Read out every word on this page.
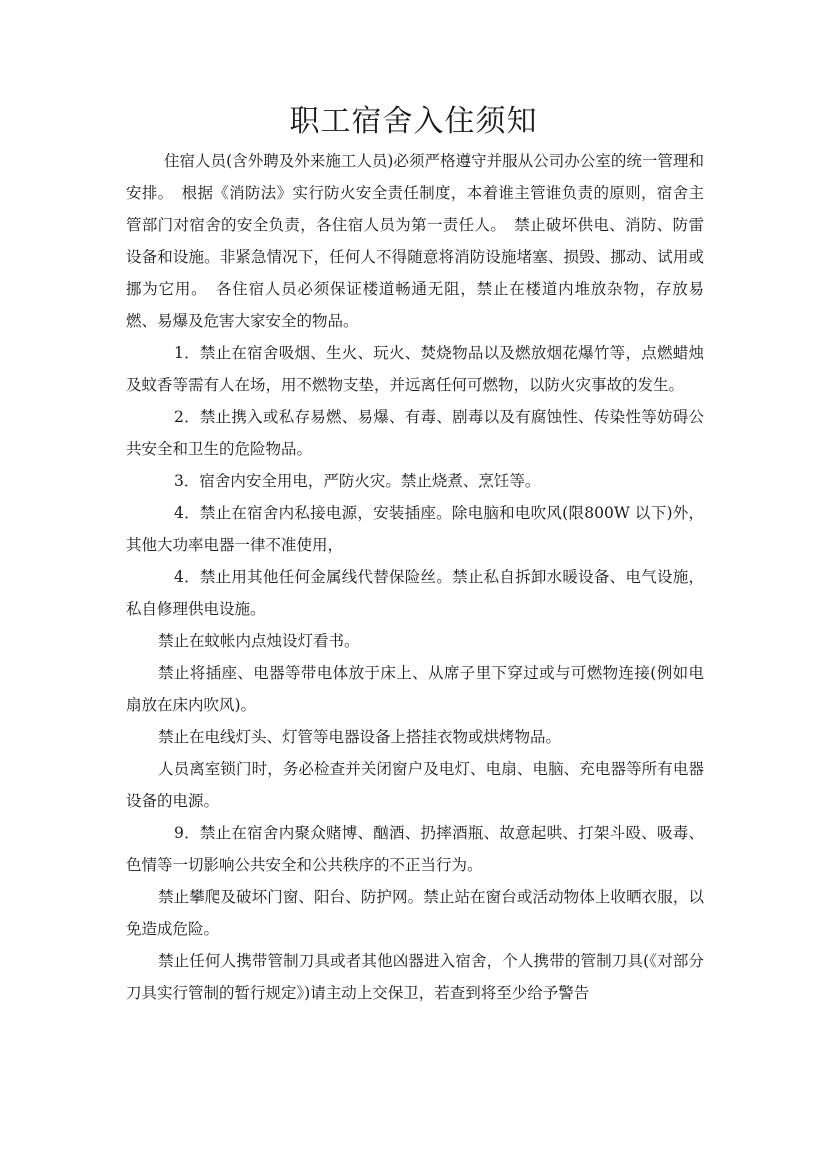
职工宿舍入住须知

住宿人员(含外聘及外来施工人员)必须严格遵守并服从公司办公室的统一管理和安排。　根据《消防法》实行防火安全责任制度，本着谁主管谁负责的原则，宿舍主管部门对宿舍的安全负责，各住宿人员为第一责任人。　禁止破坏供电、消防、防雷设备和设施。非紧急情况下，任何人不得随意将消防设施堵塞、损毁、挪动、试用或挪为它用。　各住宿人员必须保证楼道畅通无阻，禁止在楼道内堆放杂物，存放易燃、易爆及危害大家安全的物品。

1．禁止在宿舍吸烟、生火、玩火、焚烧物品以及燃放烟花爆竹等，点燃蜡烛及蚊香等需有人在场，用不燃物支垫，并远离任何可燃物，以防火灾事故的发生。

2．禁止携入或私存易燃、易爆、有毒、剧毒以及有腐蚀性、传染性等妨碍公共安全和卫生的危险物品。

3．宿舍内安全用电，严防火灾。禁止烧煮、烹饪等。

4．禁止在宿舍内私接电源，安装插座。除电脑和电吹风(限800W 以下)外，其他大功率电器一律不准使用，

4．禁止用其他任何金属线代替保险丝。禁止私自拆卸水暖设备、电气设施，私自修理供电设施。

禁止在蚊帐内点烛设灯看书。

禁止将插座、电器等带电体放于床上、从席子里下穿过或与可燃物连接(例如电扇放在床内吹风)。

禁止在电线灯头、灯管等电器设备上搭挂衣物或烘烤物品。

人员离室锁门时，务必检查并关闭窗户及电灯、电扇、电脑、充电器等所有电器设备的电源。

9．禁止在宿舍内聚众赌博、酗酒、扔摔酒瓶、故意起哄、打架斗殴、吸毒、色情等一切影响公共安全和公共秩序的不正当行为。

禁止攀爬及破坏门窗、阳台、防护网。禁止站在窗台或活动物体上收晒衣服，以免造成危险。

禁止任何人携带管制刀具或者其他凶器进入宿舍，个人携带的管制刀具(《对部分刀具实行管制的暂行规定》)请主动上交保卫，若查到将至少给予警告
